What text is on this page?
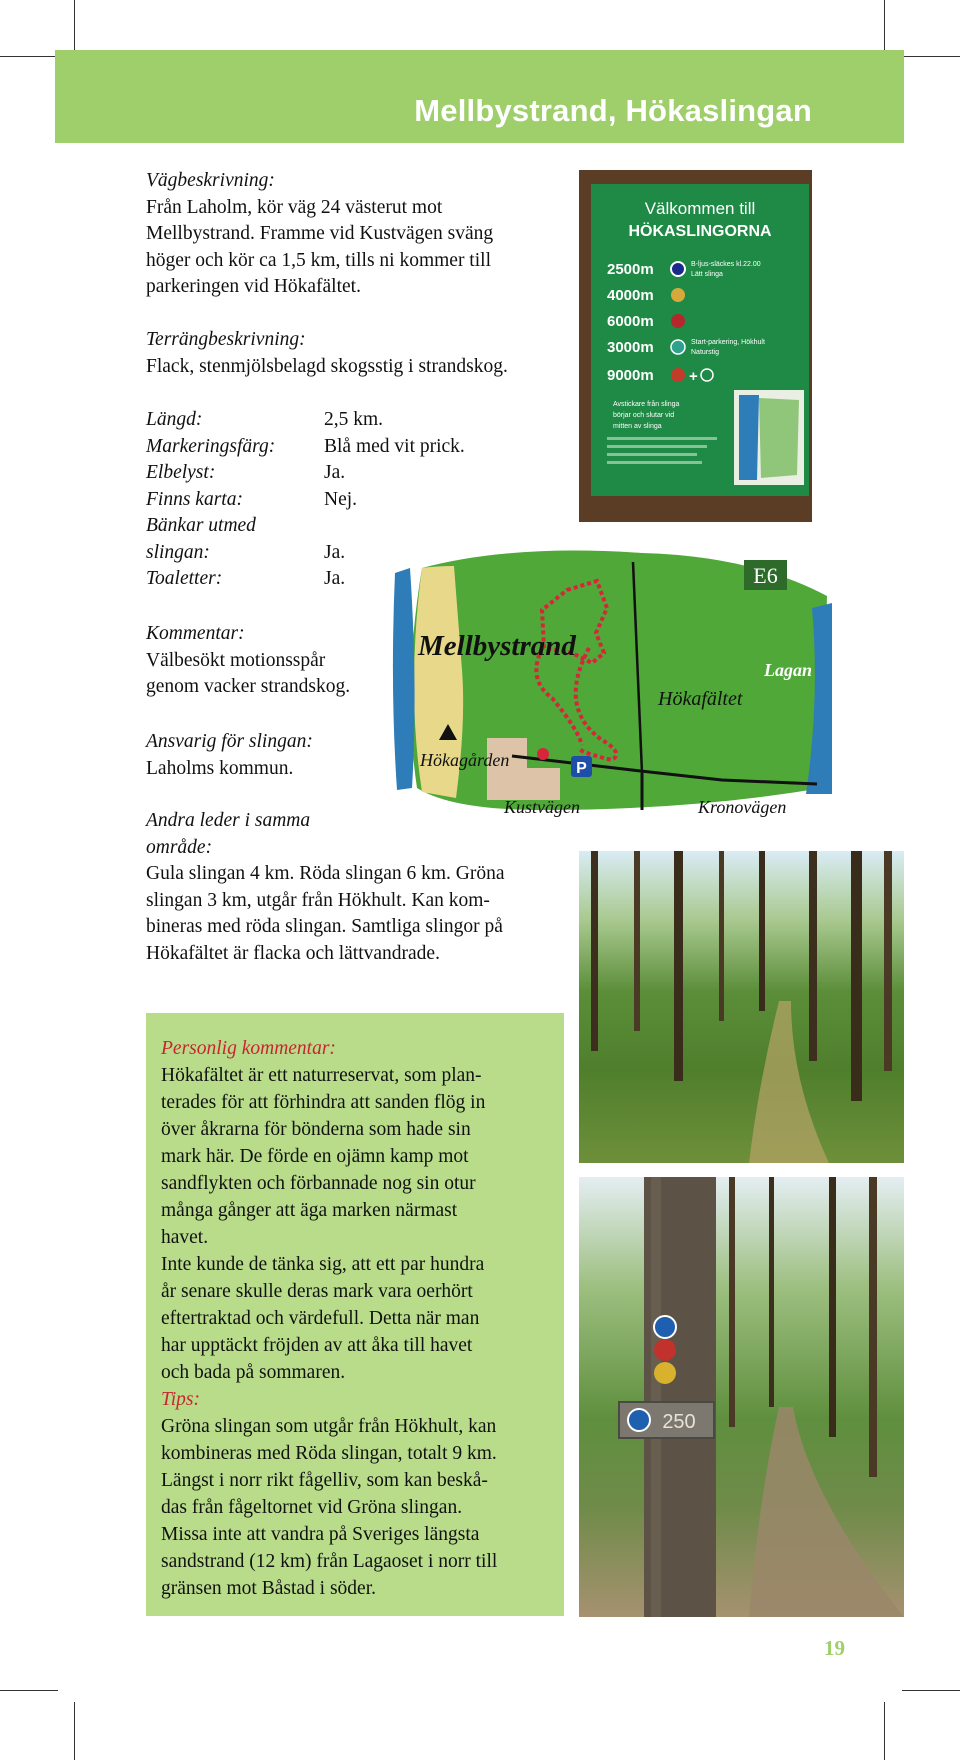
Mellbystrand, Hökaslingan
Vägbeskrivning:
Från Laholm, kör väg 24 västerut mot
Mellbystrand. Framme vid Kustvägen sväng
höger och kör ca 1,5 km, tills ni kommer till
parkeringen vid Hökafältet.
Terrängbeskrivning:
Flack, stenmjölsbelagd skogsstig i strandskog.
Längd:	2,5 km.
Markeringsfärg:	Blå med vit prick.
Elbelyst:	Ja.
Finns karta:	Nej.
Bänkar utmed
slingan:	Ja.
Toaletter:	Ja.
Kommentar:
Välbesökt motionsspår
genom vacker strandskog.
Ansvarig för slingan:
Laholms kommun.
Andra leder i samma
område:
Gula slingan 4 km. Röda slingan 6 km. Gröna
slingan 3 km, utgår från Hökhult. Kan kom-
bineras med röda slingan. Samtliga slingor på
Hökafältet är flacka och lättvandrade.
Välkommen till
HÖKASLINGORNA
2500m	B-ljus-släckes kl.22.00
Lätt slinga
4000m
6000m
3000m	Start-parkering, Hökhult
Naturstig
9000m +
Avstickare från slinga
börjar och slutar vid
mitten av slinga
P
E6
Mellbystrand
Hökafältet
Lagan
Hökagården
Kustvägen	Kronovägen
Personlig kommentar:
Hökafältet är ett naturreservat, som plan-
terades för att förhindra att sanden flög in
över åkrarna för bönderna som hade sin
mark här. De förde en ojämn kamp mot
sandflykten och förbannade nog sin otur
många gånger att äga marken närmast
havet.
Inte kunde de tänka sig, att ett par hundra
år senare skulle deras mark vara oerhört
eftertraktad och värdefull. Detta när man
har upptäckt fröjden av att åka till havet
och bada på sommaren.
Tips:
Gröna slingan som utgår från Hökhult, kan
kombineras med Röda slingan, totalt 9 km.
Längst i norr rikt fågelliv, som kan beskå-
das från fågeltornet vid Gröna slingan.
Missa inte att vandra på Sveriges längsta
sandstrand (12 km) från Lagaoset i norr till
gränsen mot Båstad i söder.
250
19
